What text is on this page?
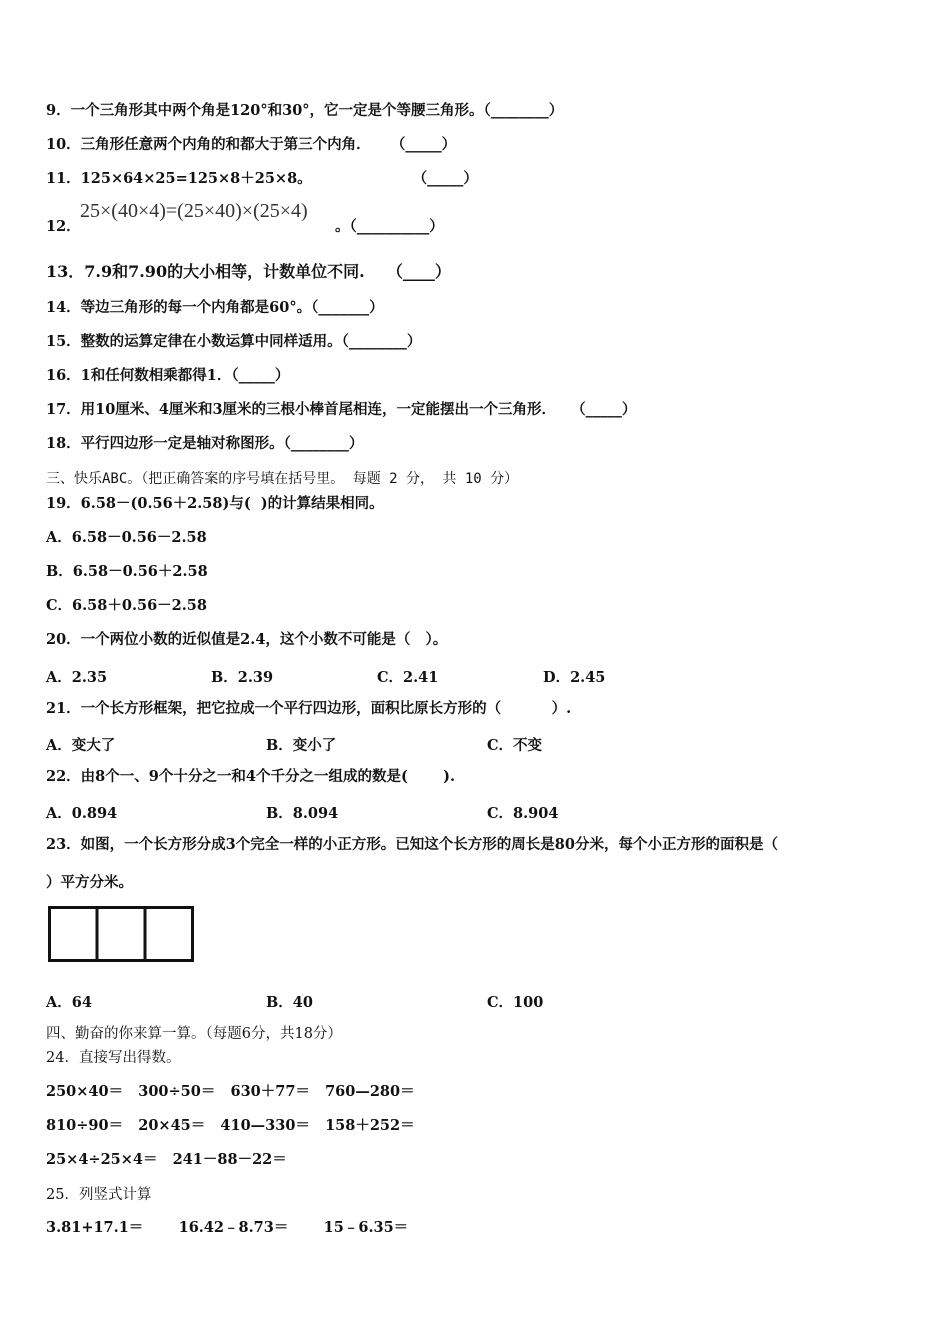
9．一个三角形其中两个角是120°和30°，它一定是个等腰三角形。（________）
10．三角形任意两个内角的和都大于第三个内角．    （_____）
11．125×64×25=125×8＋25×8。                    （_____）
12．
25×(40×4)=(25×40)×(25×4)
。（__________）
13．7.9和7.90的大小相等，计数单位不同.    （____）
14．等边三角形的每一个内角都是60°。（_______）
15．整数的运算定律在小数运算中同样适用。（________）
16．1和任何数相乘都得1．（_____）
17．用10厘米、4厘米和3厘米的三根小棒首尾相连，一定能摆出一个三角形．   （_____）
18．平行四边形一定是轴对称图形。（________）
三、快乐ABC。（把正确答案的序号填在括号里。 每题 2 分， 共 10 分）
19．6.58－(0.56＋2.58)与(  )的计算结果相同。
A．6.58－0.56－2.58
B．6.58－0.56＋2.58
C．6.58＋0.56－2.58
20．一个两位小数的近似值是2.4，这个小数不可能是（   ）。
A．2.35	B．2.39	C．2.41	D．2.45
21．一个长方形框架，把它拉成一个平行四边形，面积比原长方形的（          ）.
A．变大了	B．变小了	C．不变
22．由8个一、9个十分之一和4个千分之一组成的数是(       ).
A．0.894	B．8.094	C．8.904
23．如图，一个长方形分成3个完全一样的小正方形。已知这个长方形的周长是80分米，每个小正方形的面积是（
）平方分米。
A．64	B．40	C．100
四、勤奋的你来算一算。（每题6分，共18分）
24．直接写出得数。
250×40＝   300÷50＝   630＋77＝   760—280＝
810÷90＝   20×45＝   410—330＝   158＋252＝
25×4÷25×4＝   241－88－22＝
25．列竖式计算
3.81+17.1＝       16.42﹣8.73＝       15﹣6.35＝
